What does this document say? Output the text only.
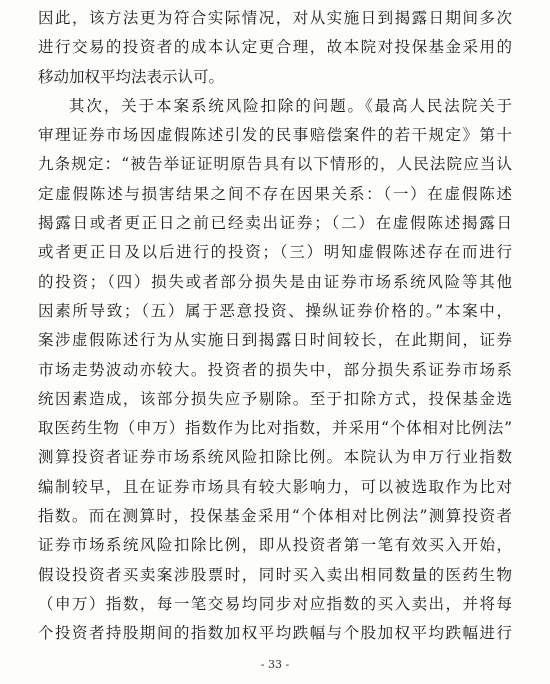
因此，该方法更为符合实际情况，对从实施日到揭露日期间多次
进行交易的投资者的成本认定更合理，故本院对投保基金采用的
移动加权平均法表示认可。
其次，关于本案系统风险扣除的问题。《最高人民法院关于
审理证券市场因虚假陈述引发的民事赔偿案件的若干规定》第十
九条规定：“被告举证证明原告具有以下情形的，人民法院应当认
定虚假陈述与损害结果之间不存在因果关系：（一）在虚假陈述
揭露日或者更正日之前已经卖出证券；（二）在虚假陈述揭露日
或者更正日及以后进行的投资；（三）明知虚假陈述存在而进行
的投资；（四）损失或者部分损失是由证券市场系统风险等其他
因素所导致；（五）属于恶意投资、操纵证券价格的。”本案中，
案涉虚假陈述行为从实施日到揭露日时间较长，在此期间，证券
市场走势波动亦较大。投资者的损失中，部分损失系证券市场系
统因素造成，该部分损失应予剔除。至于扣除方式，投保基金选
取医药生物（申万）指数作为比对指数，并采用“个体相对比例法”
测算投资者证券市场系统风险扣除比例。本院认为申万行业指数
编制较早，且在证券市场具有较大影响力，可以被选取作为比对
指数。而在测算时，投保基金采用“个体相对比例法”测算投资者
证券市场系统风险扣除比例，即从投资者第一笔有效买入开始，
假设投资者买卖案涉股票时，同时买入卖出相同数量的医药生物
（申万）指数，每一笔交易均同步对应指数的买入卖出，并将每
个投资者持股期间的指数加权平均跌幅与个股加权平均跌幅进行
- 33 -
